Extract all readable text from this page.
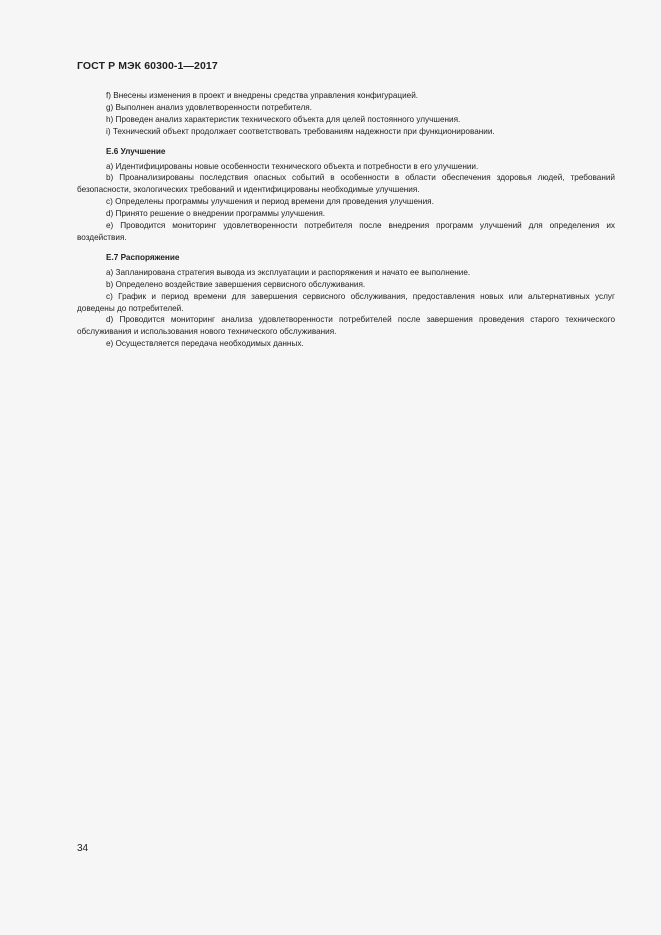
ГОСТ Р МЭК 60300-1—2017

f) Внесены изменения в проект и внедрены средства управления конфигурацией.

g) Выполнен анализ удовлетворенности потребителя.

h) Проведен анализ характеристик технического объекта для целей постоянного улучшения.

i) Технический объект продолжает соответствовать требованиям надежности при функционировании.

Е.6 Улучшение

a) Идентифицированы новые особенности технического объекта и потребности в его улучшении.

b) Проанализированы последствия опасных событий в особенности в области обеспечения здоровья людей, требований безопасности, экологических требований и идентифицированы необходимые улучшения.

c) Определены программы улучшения и период времени для проведения улучшения.

d) Принято решение о внедрении программы улучшения.

e) Проводится мониторинг удовлетворенности потребителя после внедрения программ улучшений для определения их воздействия.

Е.7 Распоряжение

a) Запланирована стратегия вывода из эксплуатации и распоряжения и начато ее выполнение.

b) Определено воздействие завершения сервисного обслуживания.

c) График и период времени для завершения сервисного обслуживания, предоставления новых или альтернативных услуг доведены до потребителей.

d) Проводится мониторинг анализа удовлетворенности потребителей после завершения проведения старого технического обслуживания и использования нового технического обслуживания.

e) Осуществляется передача необходимых данных.

34
